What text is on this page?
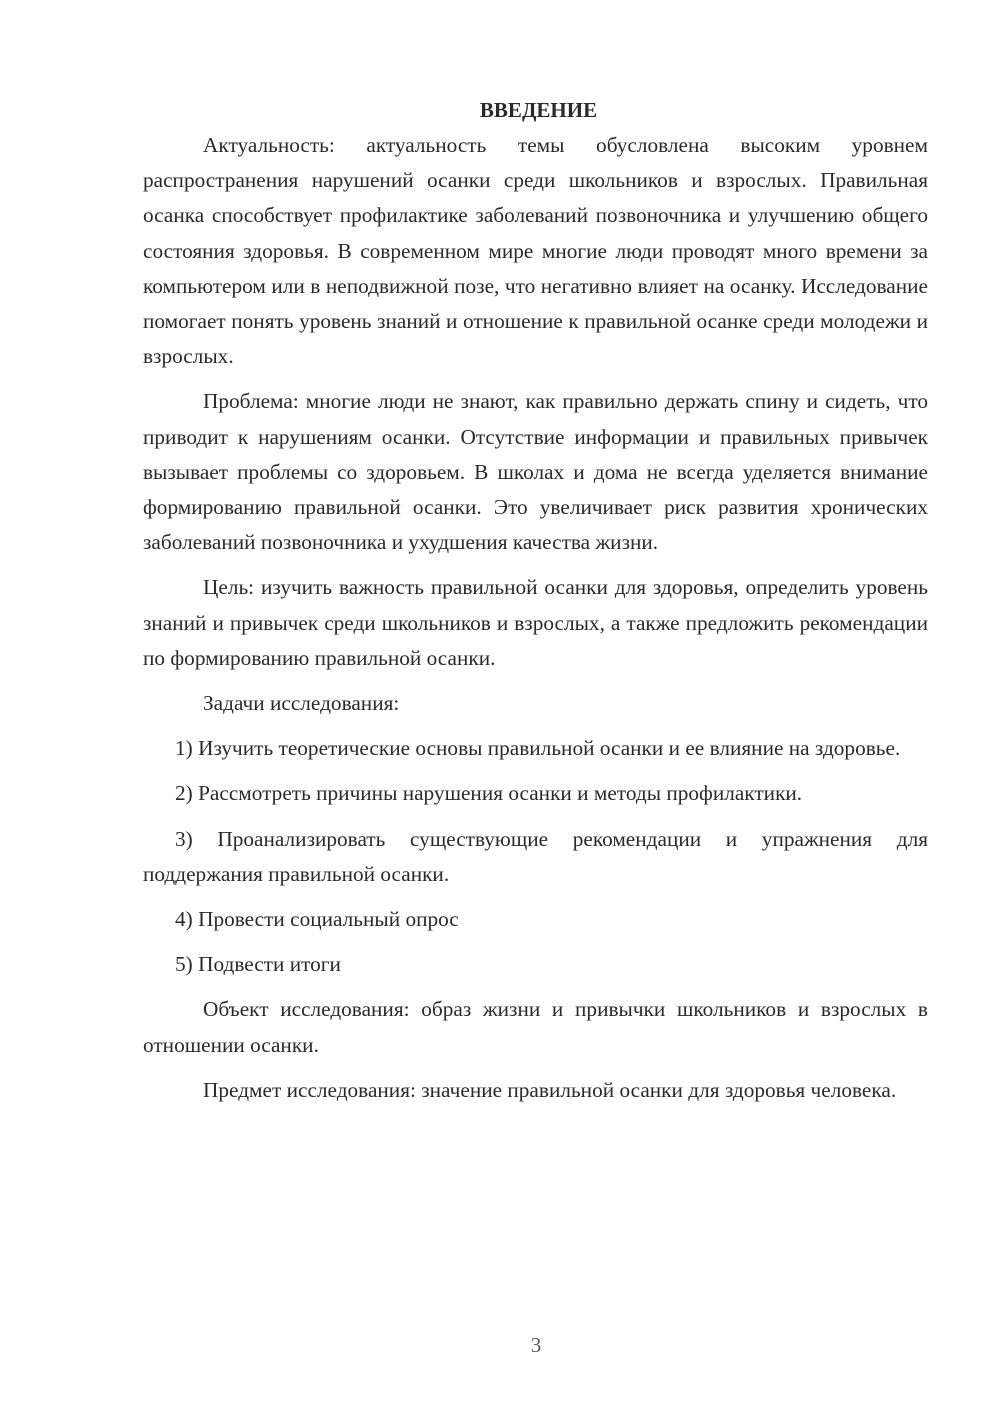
ВВЕДЕНИЕ

Актуальность: актуальность темы обусловлена высоким уровнем распространения нарушений осанки среди школьников и взрослых. Правильная осанка способствует профилактике заболеваний позвоночника и улучшению общего состояния здоровья. В современном мире многие люди проводят много времени за компьютером или в неподвижной позе, что негативно влияет на осанку. Исследование помогает понять уровень знаний и отношение к правильной осанке среди молодежи и взрослых.

Проблема: многие люди не знают, как правильно держать спину и сидеть, что приводит к нарушениям осанки. Отсутствие информации и правильных привычек вызывает проблемы со здоровьем. В школах и дома не всегда уделяется внимание формированию правильной осанки. Это увеличивает риск развития хронических заболеваний позвоночника и ухудшения качества жизни.

Цель: изучить важность правильной осанки для здоровья, определить уровень знаний и привычек среди школьников и взрослых, а также предложить рекомендации по формированию правильной осанки.

Задачи исследования:

1) Изучить теоретические основы правильной осанки и ее влияние на здоровье.

2) Рассмотреть причины нарушения осанки и методы профилактики.

3) Проанализировать существующие рекомендации и упражнения для поддержания правильной осанки.

4) Провести социальный опрос

5) Подвести итоги

Объект исследования: образ жизни и привычки школьников и взрослых в отношении осанки.

Предмет исследования: значение правильной осанки для здоровья человека.

3
